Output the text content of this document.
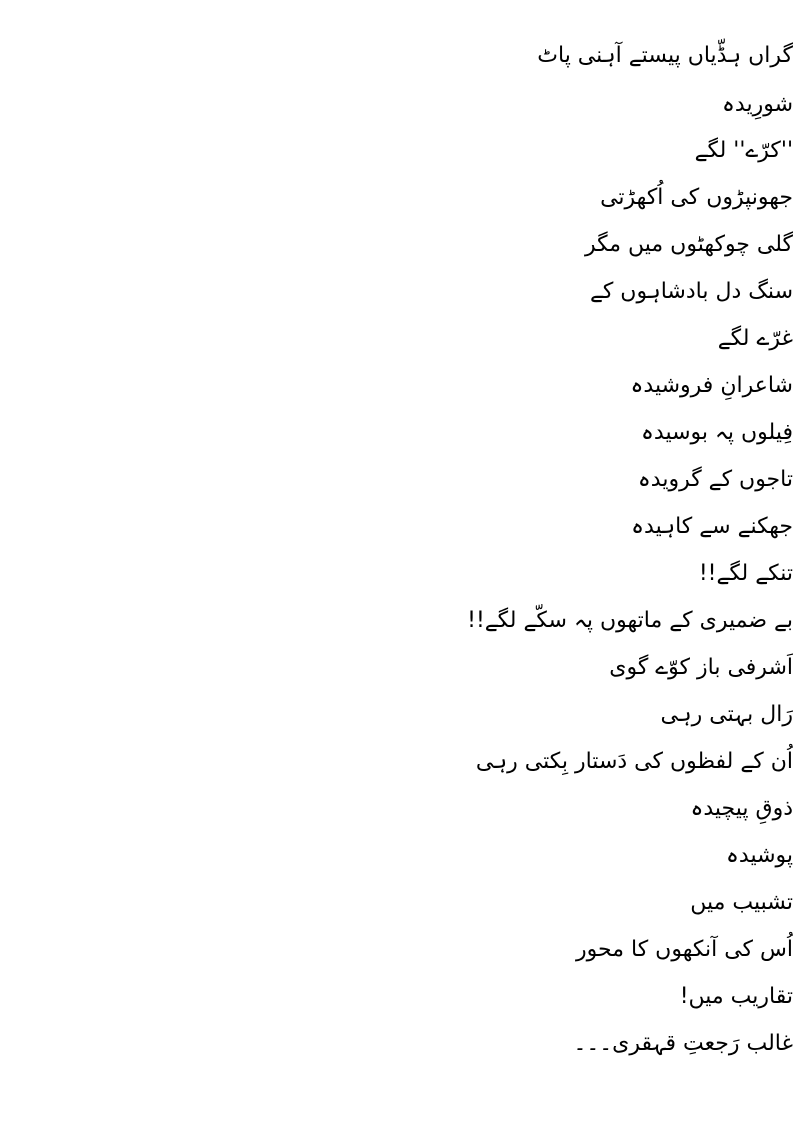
گراں ہڈّیاں پیستے آہنی پاٹ
شورِیدہ
''کرّے'' لگے
جھونپڑوں کی اُکھڑتی
گلی چوکھٹوں میں مگر
سنگ دل بادشاہوں کے
غرّے لگے
شاعرانِ فروشیدہ
فِیلوں پہ بوسیدہ
تاجوں کے گرویدہ
جھکنے سے کاہیدہ
تنکے لگے!!
بے ضمیری کے ماتھوں پہ سکّے لگے!!
اَشرفی باز کوّے گوی
رَال بہتی رہی
اُن کے لفظوں کی دَستار بِکتی رہی
ذوقِ پیچیدہ
پوشیدہ
تشبیب میں
اُس کی آنکھوں کا محور
تقاریب میں!
غالب رَجعتِ قہقری۔۔۔
